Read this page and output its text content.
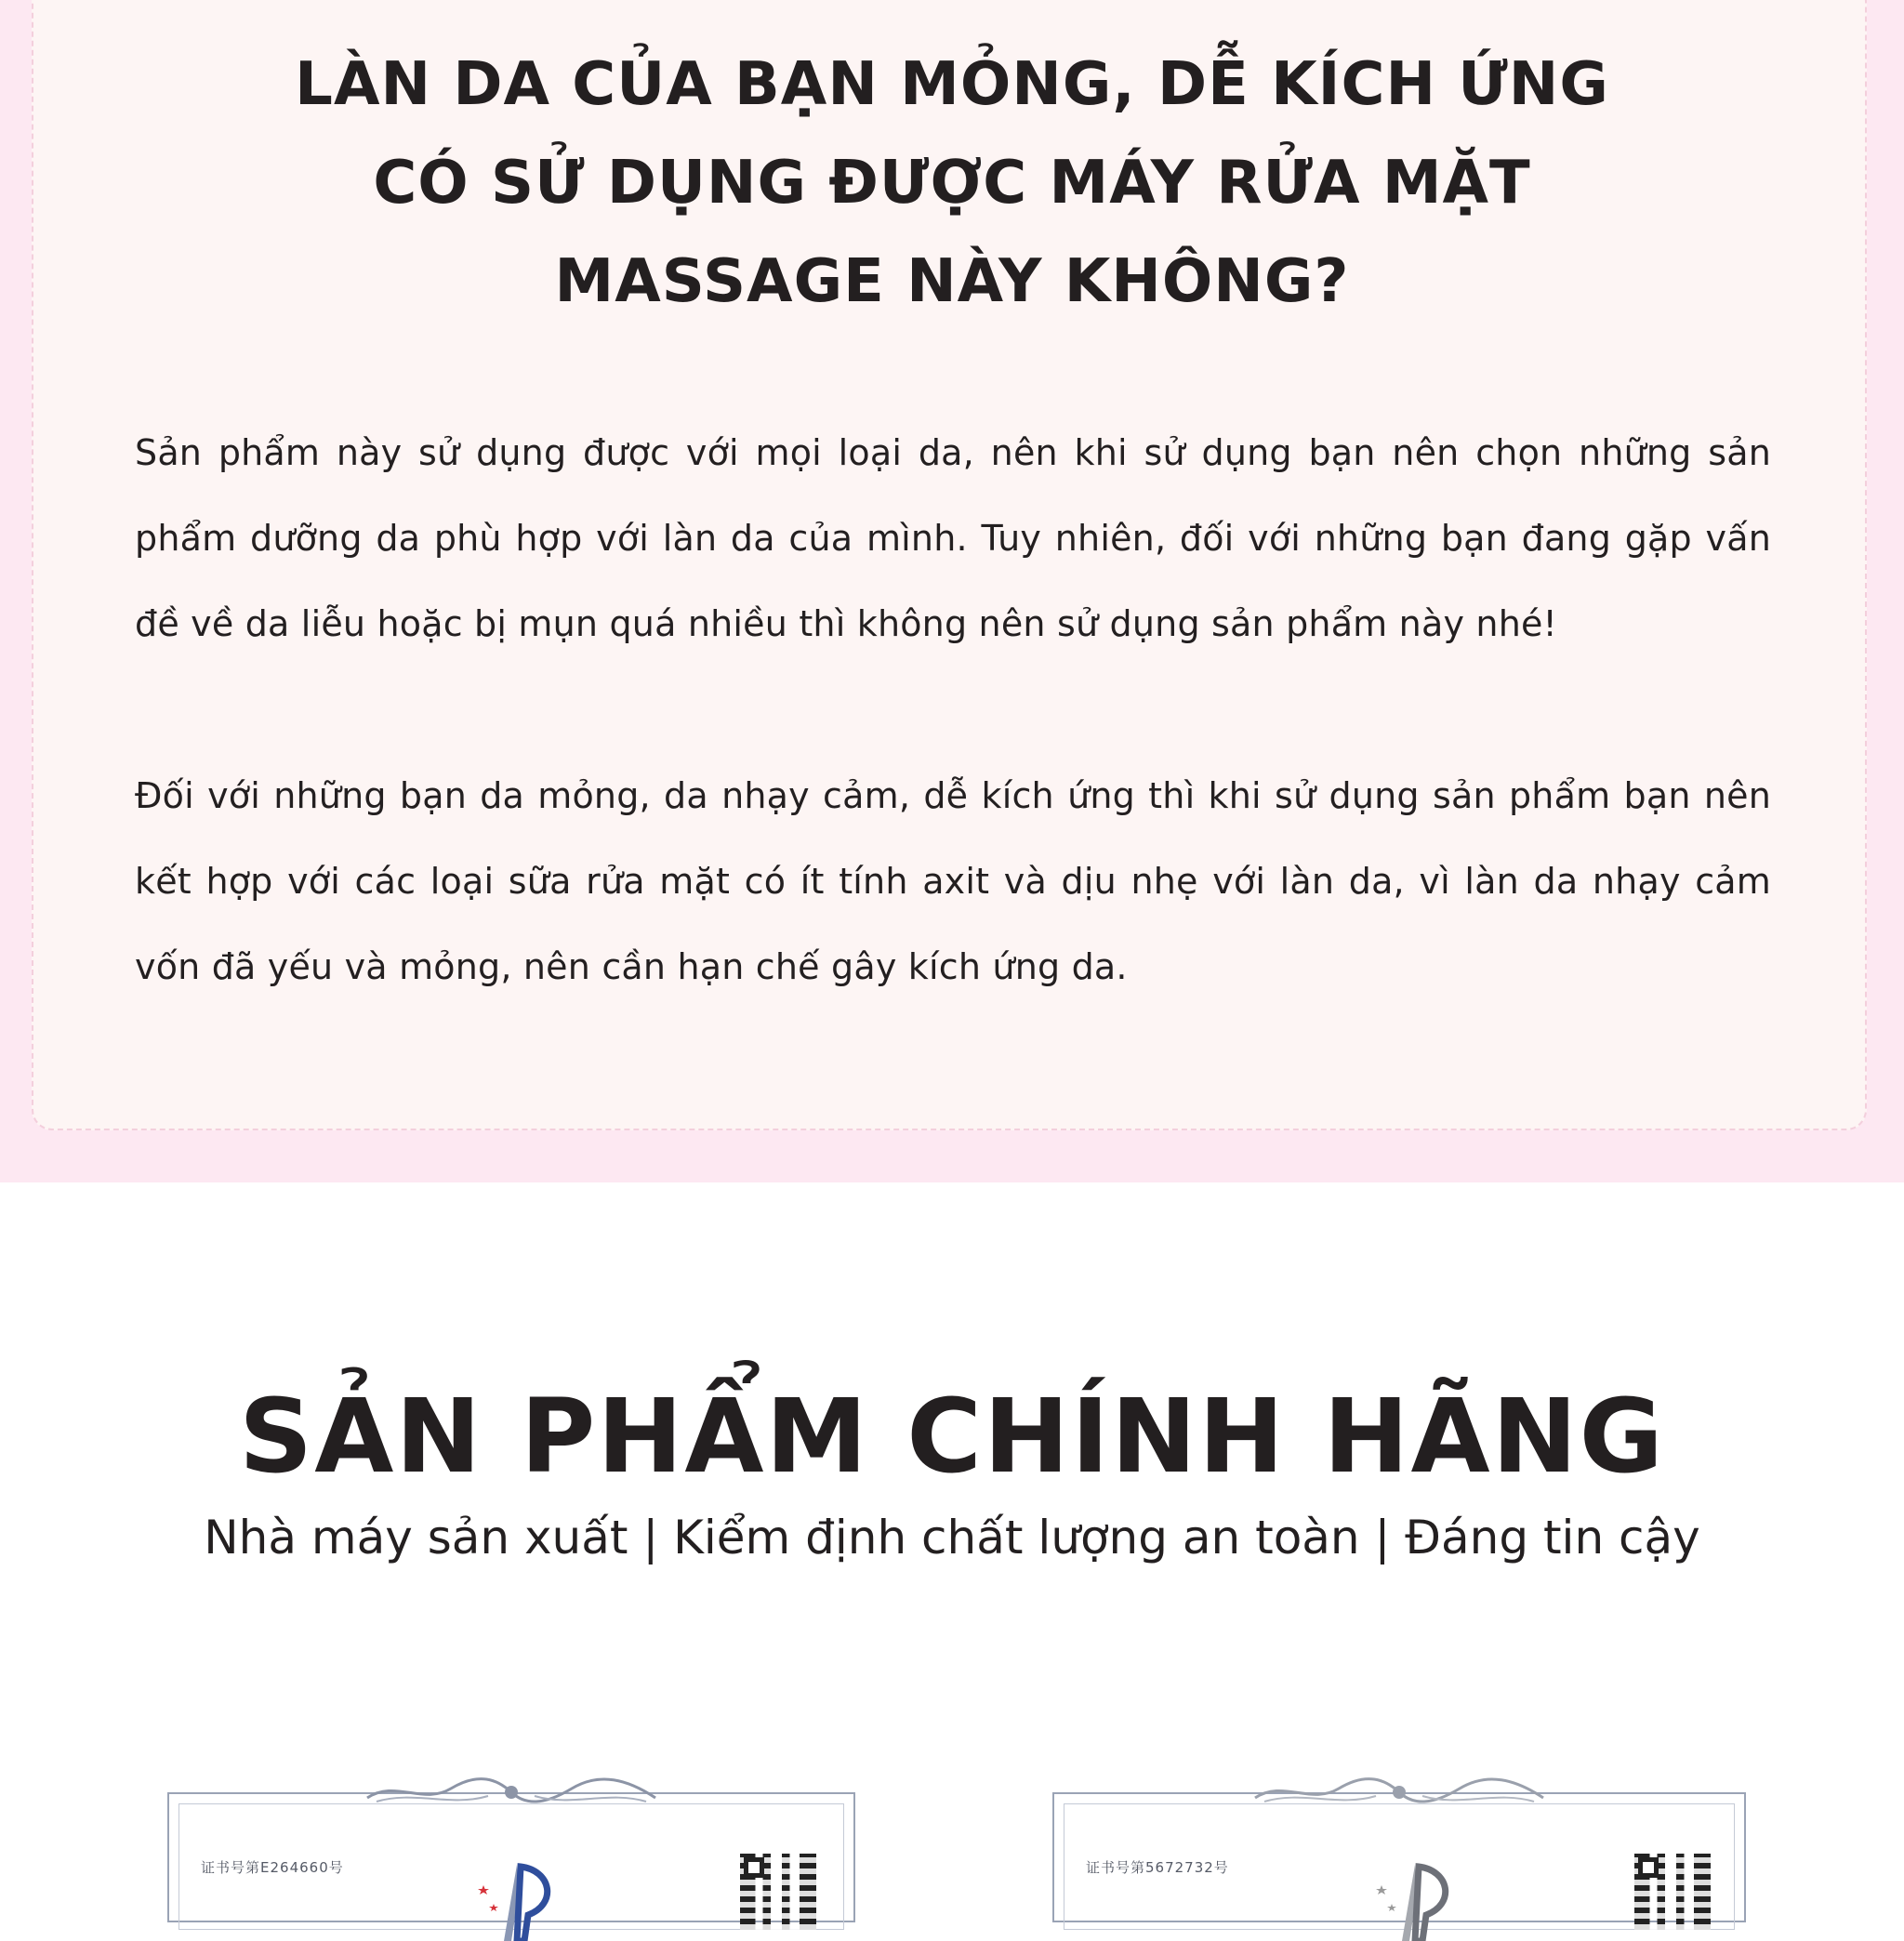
LÀN DA CỦA BẠN MỎNG, DỄ KÍCH ỨNG
CÓ SỬ DỤNG ĐƯỢC MÁY RỬA MẶT
MASSAGE NÀY KHÔNG?

Sản phẩm này sử dụng được với mọi loại da, nên khi sử dụng bạn nên chọn những sản phẩm dưỡng da phù hợp với làn da của mình. Tuy nhiên, đối với những bạn đang gặp vấn đề về da liễu hoặc bị mụn quá nhiều thì không nên sử dụng sản phẩm này nhé!

Đối với những bạn da mỏng, da nhạy cảm, dễ kích ứng thì khi sử dụng sản phẩm bạn nên kết hợp với các loại sữa rửa mặt có ít tính axit và dịu nhẹ với làn da, vì làn da nhạy cảm vốn đã yếu và mỏng, nên cần hạn chế gây kích ứng da.

SẢN PHẨM CHÍNH HÃNG
Nhà máy sản xuất | Kiểm định chất lượng an toàn | Đáng tin cậy
证书号第E264660号	证书号第5672732号
